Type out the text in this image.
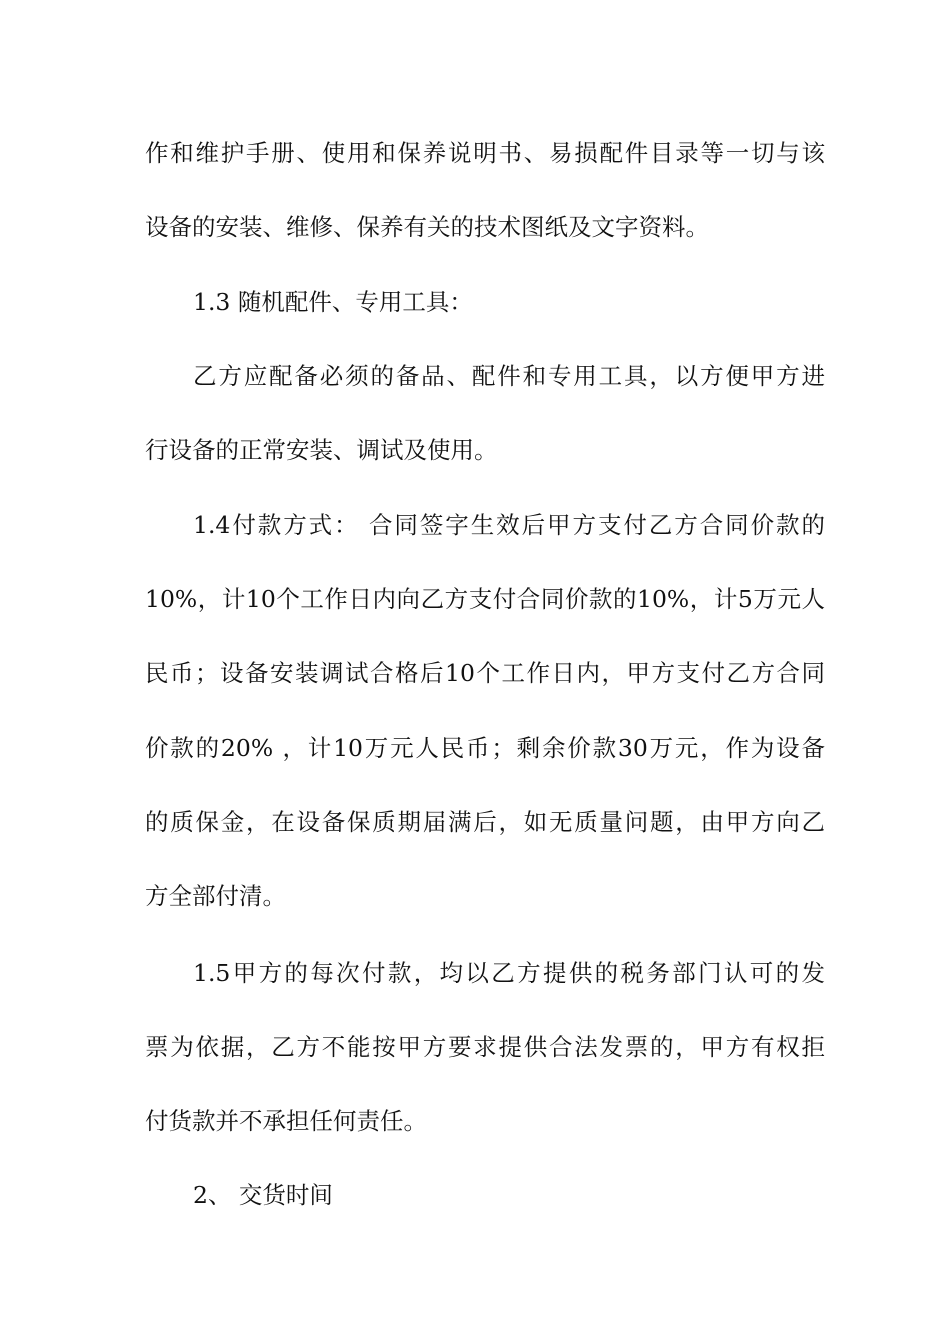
作和维护手册、使用和保养说明书、易损配件目录等一切与该
设备的安装、维修、保养有关的技术图纸及文字资料。
1.3 随机配件、专用工具：
乙方应配备必须的备品、配件和专用工具，以方便甲方进
行设备的正常安装、调试及使用。
1.4付款方式： 合同签字生效后甲方支付乙方合同价款的
10%，计10个工作日内向乙方支付合同价款的10%，计5万元人
民币；设备安装调试合格后10个工作日内，甲方支付乙方合同
价款的20% ，计10万元人民币；剩余价款30万元，作为设备
的质保金，在设备保质期届满后，如无质量问题，由甲方向乙
方全部付清。
1.5甲方的每次付款，均以乙方提供的税务部门认可的发
票为依据，乙方不能按甲方要求提供合法发票的，甲方有权拒
付货款并不承担任何责任。
2、 交货时间
